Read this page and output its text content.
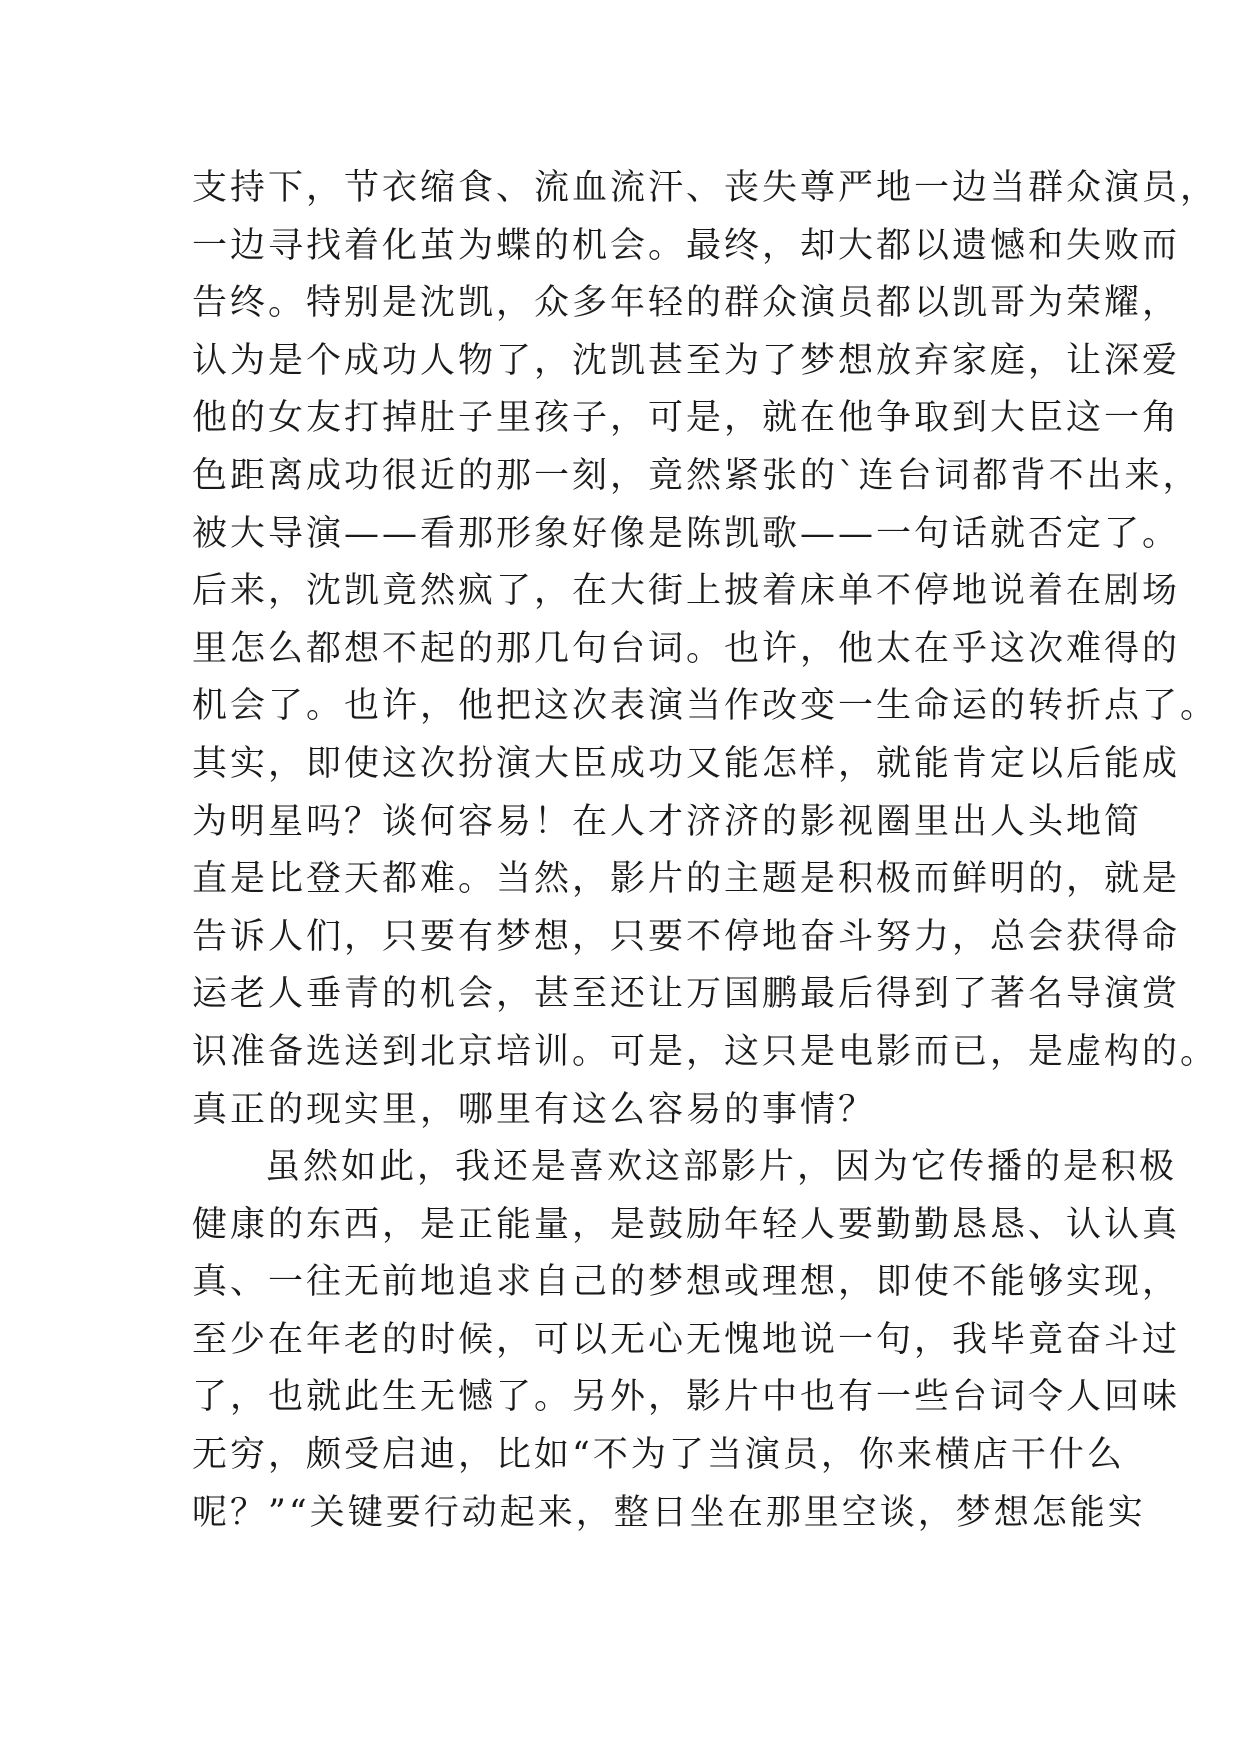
支持下，节衣缩食、流血流汗、丧失尊严地一边当群众演员，
一边寻找着化茧为蝶的机会。最终，却大都以遗憾和失败而
告终。特别是沈凯，众多年轻的群众演员都以凯哥为荣耀，
认为是个成功人物了，沈凯甚至为了梦想放弃家庭，让深爱
他的女友打掉肚子里孩子，可是，就在他争取到大臣这一角
色距离成功很近的那一刻，竟然紧张的`连台词都背不出来，
被大导演——看那形象好像是陈凯歌——一句话就否定了。
后来，沈凯竟然疯了，在大街上披着床单不停地说着在剧场
里怎么都想不起的那几句台词。也许，他太在乎这次难得的
机会了。也许，他把这次表演当作改变一生命运的转折点了。
其实，即使这次扮演大臣成功又能怎样，就能肯定以后能成
为明星吗？谈何容易！在人才济济的影视圈里出人头地简
直是比登天都难。当然，影片的主题是积极而鲜明的，就是
告诉人们，只要有梦想，只要不停地奋斗努力，总会获得命
运老人垂青的机会，甚至还让万国鹏最后得到了著名导演赏
识准备选送到北京培训。可是，这只是电影而已，是虚构的。
真正的现实里，哪里有这么容易的事情？
虽然如此，我还是喜欢这部影片，因为它传播的是积极
健康的东西，是正能量，是鼓励年轻人要勤勤恳恳、认认真
真、一往无前地追求自己的梦想或理想，即使不能够实现，
至少在年老的时候，可以无心无愧地说一句，我毕竟奋斗过
了，也就此生无憾了。另外，影片中也有一些台词令人回味
无穷，颇受启迪，比如“不为了当演员，你来横店干什么
呢？”“关键要行动起来，整日坐在那里空谈，梦想怎能实
